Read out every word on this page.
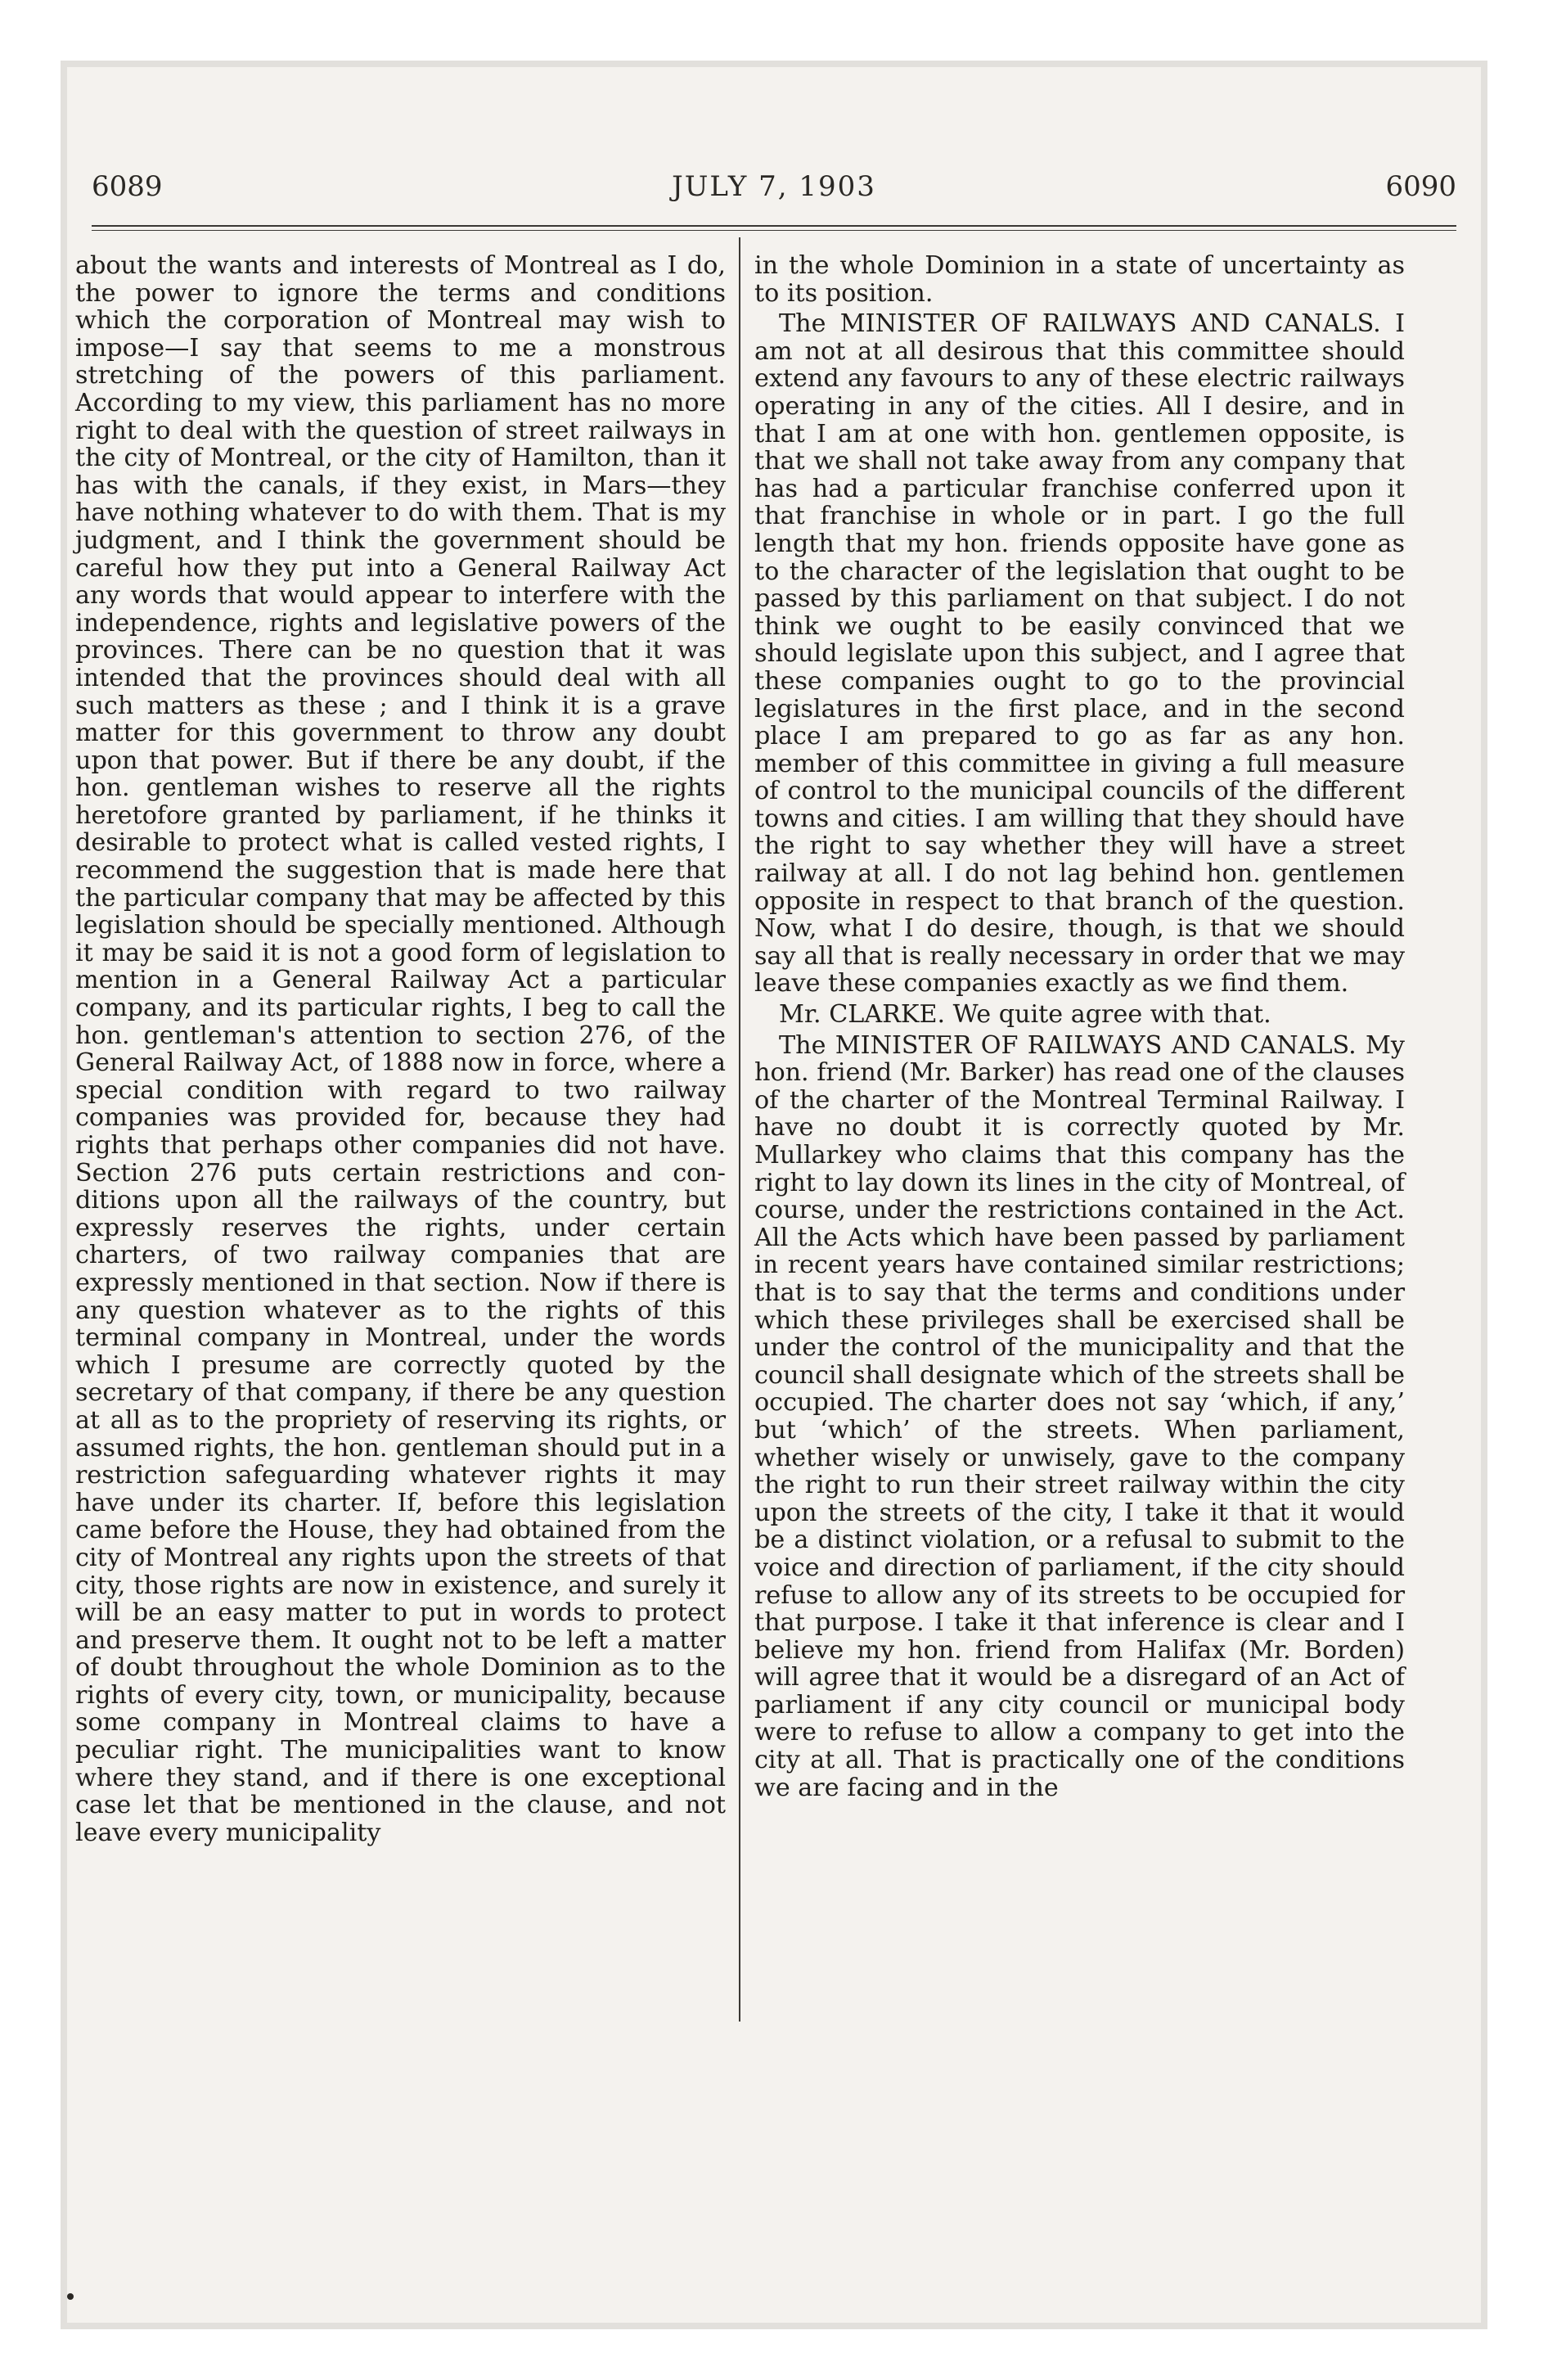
6089	JULY 7, 1903	6090

about the wants and interests of Montreal as I do, the power to ignore the terms and conditions which the corporation of Montreal may wish to impose—I say that seems to me a monstrous stretching of the powers of this parliament. According to my view, this parliament has no more right to deal with the question of street railways in the city of Montreal, or the city of Hamilton, than it has with the canals, if they exist, in Mars—they have nothing whatever to do with them. That is my judgment, and I think the government should be careful how they put into a General Railway Act any words that would appear to interfere with the independence, rights and legislative powers of the provinces. There can be no question that it was intended that the provinces should deal with all such matters as these ; and I think it is a grave matter for this government to throw any doubt upon that power. But if there be any doubt, if the hon. gentleman wishes to reserve all the rights heretofore granted by parliament, if he thinks it desirable to protect what is called vested rights, I recommend the suggestion that is made here that the particular company that may be affected by this legislation should be specially mentioned. Although it may be said it is not a good form of legislation to mention in a General Railway Act a particular company, and its particular rights, I beg to call the hon. gentleman's attention to section 276, of the General Railway Act, of 1888 now in force, where a special condition with regard to two railway companies was provided for, because they had rights that perhaps other companies did not have. Section 276 puts certain restrictions and conditions upon all the railways of the country, but expressly reserves the rights, under certain charters, of two railway companies that are expressly mentioned in that section. Now if there is any question whatever as to the rights of this terminal company in Montreal, under the words which I presume are correctly quoted by the secretary of that company, if there be any question at all as to the propriety of reserving its rights, or assumed rights, the hon. gentleman should put in a restriction safeguarding whatever rights it may have under its charter. If, before this legislation came before the House, they had obtained from the city of Montreal any rights upon the streets of that city, those rights are now in existence, and surely it will be an easy matter to put in words to protect and preserve them. It ought not to be left a matter of doubt throughout the whole Dominion as to the rights of every city, town, or municipality, because some company in Montreal claims to have a peculiar right. The municipalities want to know where they stand, and if there is one exceptional case let that be mentioned in the clause, and not leave every municipality

in the whole Dominion in a state of uncertainty as to its position.

The MINISTER OF RAILWAYS AND CANALS. I am not at all desirous that this committee should extend any favours to any of these electric railways operating in any of the cities. All I desire, and in that I am at one with hon. gentlemen opposite, is that we shall not take away from any company that has had a particular franchise conferred upon it that franchise in whole or in part. I go the full length that my hon. friends opposite have gone as to the character of the legislation that ought to be passed by this parliament on that subject. I do not think we ought to be easily convinced that we should legislate upon this subject, and I agree that these companies ought to go to the provincial legislatures in the first place, and in the second place I am prepared to go as far as any hon. member of this committee in giving a full measure of control to the municipal councils of the different towns and cities. I am willing that they should have the right to say whether they will have a street railway at all. I do not lag behind hon. gentlemen opposite in respect to that branch of the question. Now, what I do desire, though, is that we should say all that is really necessary in order that we may leave these companies exactly as we find them.

Mr. CLARKE. We quite agree with that.

The MINISTER OF RAILWAYS AND CANALS. My hon. friend (Mr. Barker) has read one of the clauses of the charter of the Montreal Terminal Railway. I have no doubt it is correctly quoted by Mr. Mullarkey who claims that this company has the right to lay down its lines in the city of Montreal, of course, under the restrictions contained in the Act. All the Acts which have been passed by parliament in recent years have contained similar restrictions; that is to say that the terms and conditions under which these privileges shall be exercised shall be under the control of the municipality and that the council shall designate which of the streets shall be occupied. The charter does not say ‘which, if any,’ but ‘which’ of the streets. When parliament, whether wisely or unwisely, gave to the company the right to run their street railway within the city upon the streets of the city, I take it that it would be a distinct violation, or a refusal to submit to the voice and direction of parliament, if the city should refuse to allow any of its streets to be occupied for that purpose. I take it that inference is clear and I believe my hon. friend from Halifax (Mr. Borden) will agree that it would be a disregard of an Act of parliament if any city council or municipal body were to refuse to allow a company to get into the city at all. That is practically one of the conditions we are facing and in the
